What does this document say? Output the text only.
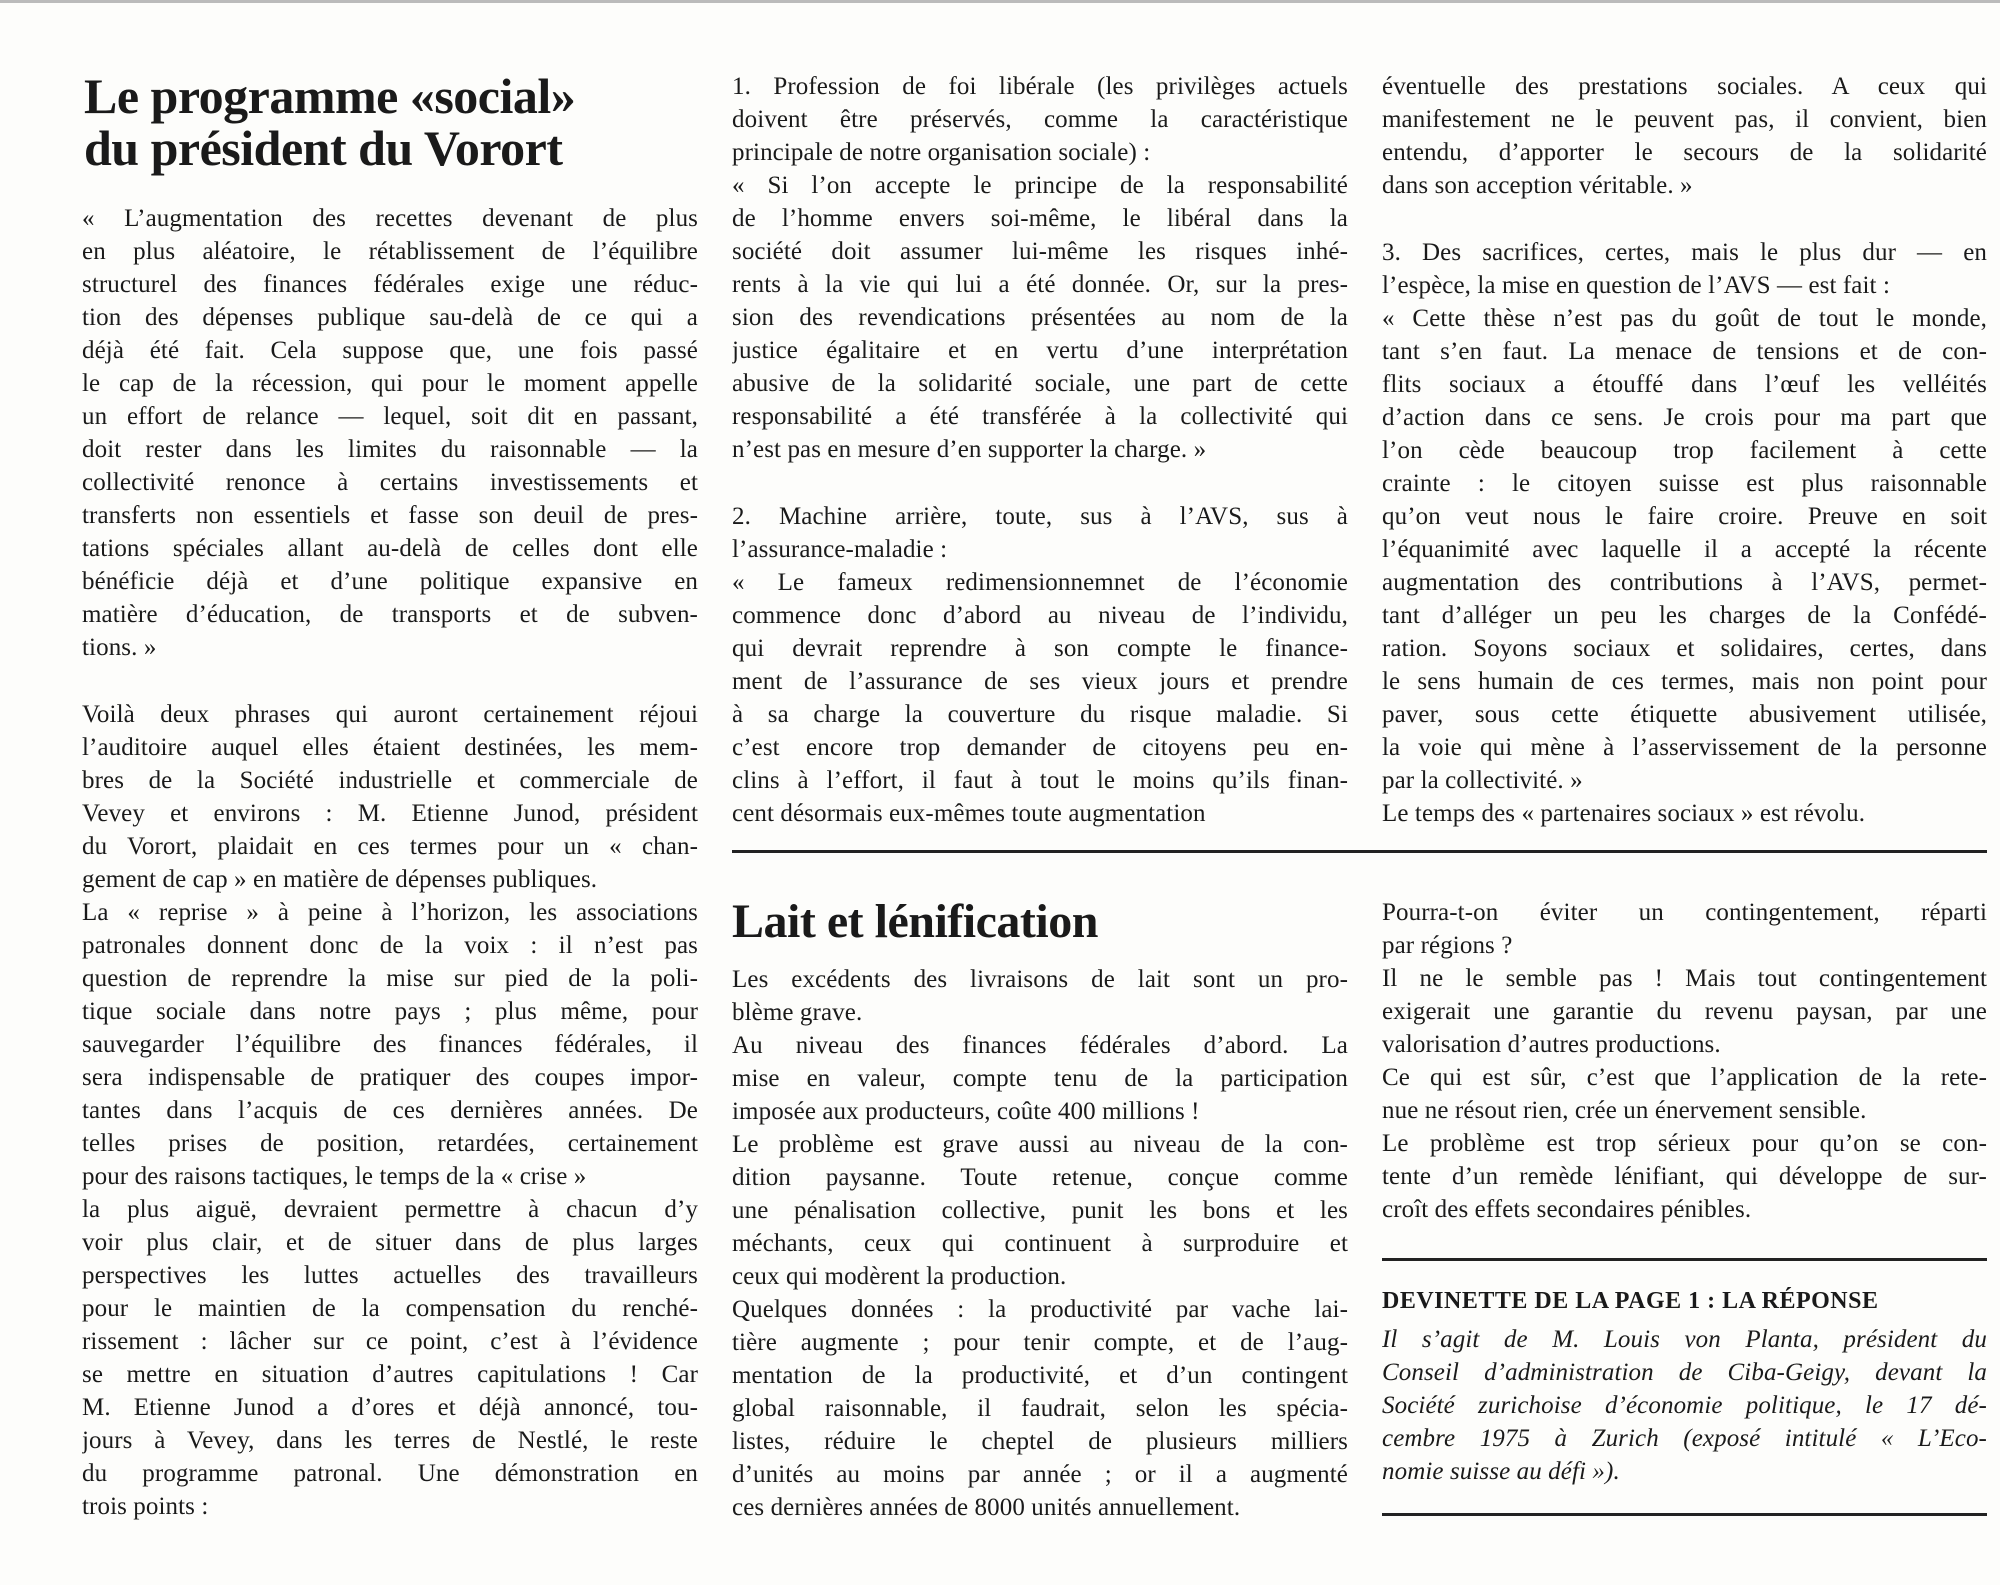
Le programme «social»
du président du Vorort
« L’augmentation des recettes devenant de plus
en plus aléatoire, le rétablissement de l’équilibre
structurel des finances fédérales exige une réduc-
tion des dépenses publique sau-delà de ce qui a
déjà été fait. Cela suppose que, une fois passé
le cap de la récession, qui pour le moment appelle
un effort de relance — lequel, soit dit en passant,
doit rester dans les limites du raisonnable — la
collectivité renonce à certains investissements et
transferts non essentiels et fasse son deuil de pres-
tations spéciales allant au-delà de celles dont elle
bénéficie déjà et d’une politique expansive en
matière d’éducation, de transports et de subven-
tions. »
Voilà deux phrases qui auront certainement réjoui
l’auditoire auquel elles étaient destinées, les mem-
bres de la Société industrielle et commerciale de
Vevey et environs : M. Etienne Junod, président
du Vorort, plaidait en ces termes pour un « chan-
gement de cap » en matière de dépenses publiques.
La « reprise » à peine à l’horizon, les associations
patronales donnent donc de la voix : il n’est pas
question de reprendre la mise sur pied de la poli-
tique sociale dans notre pays ; plus même, pour
sauvegarder l’équilibre des finances fédérales, il
sera indispensable de pratiquer des coupes impor-
tantes dans l’acquis de ces dernières années. De
telles prises de position, retardées, certainement
pour des raisons tactiques, le temps de la « crise »
la plus aiguë, devraient permettre à chacun d’y
voir plus clair, et de situer dans de plus larges
perspectives les luttes actuelles des travailleurs
pour le maintien de la compensation du renché-
rissement : lâcher sur ce point, c’est à l’évidence
se mettre en situation d’autres capitulations ! Car
M. Etienne Junod a d’ores et déjà annoncé, tou-
jours à Vevey, dans les terres de Nestlé, le reste
du programme patronal. Une démonstration en
trois points :
1. Profession de foi libérale (les privilèges actuels
doivent être préservés, comme la caractéristique
principale de notre organisation sociale) :
« Si l’on accepte le principe de la responsabilité
de l’homme envers soi-même, le libéral dans la
société doit assumer lui-même les risques inhé-
rents à la vie qui lui a été donnée. Or, sur la pres-
sion des revendications présentées au nom de la
justice égalitaire et en vertu d’une interprétation
abusive de la solidarité sociale, une part de cette
responsabilité a été transférée à la collectivité qui
n’est pas en mesure d’en supporter la charge. »
2. Machine arrière, toute, sus à l’AVS, sus à
l’assurance-maladie :
« Le fameux redimensionnemnet de l’économie
commence donc d’abord au niveau de l’individu,
qui devrait reprendre à son compte le finance-
ment de l’assurance de ses vieux jours et prendre
à sa charge la couverture du risque maladie. Si
c’est encore trop demander de citoyens peu en-
clins à l’effort, il faut à tout le moins qu’ils finan-
cent désormais eux-mêmes toute augmentation
éventuelle des prestations sociales. A ceux qui
manifestement ne le peuvent pas, il convient, bien
entendu, d’apporter le secours de la solidarité
dans son acception véritable. »
3. Des sacrifices, certes, mais le plus dur — en
l’espèce, la mise en question de l’AVS — est fait :
« Cette thèse n’est pas du goût de tout le monde,
tant s’en faut. La menace de tensions et de con-
flits sociaux a étouffé dans l’œuf les velléités
d’action dans ce sens. Je crois pour ma part que
l’on cède beaucoup trop facilement à cette
crainte : le citoyen suisse est plus raisonnable
qu’on veut nous le faire croire. Preuve en soit
l’équanimité avec laquelle il a accepté la récente
augmentation des contributions à l’AVS, permet-
tant d’alléger un peu les charges de la Confédé-
ration. Soyons sociaux et solidaires, certes, dans
le sens humain de ces termes, mais non point pour
paver, sous cette étiquette abusivement utilisée,
la voie qui mène à l’asservissement de la personne
par la collectivité. »
Le temps des « partenaires sociaux » est révolu.
Lait et lénification
Les excédents des livraisons de lait sont un pro-
blème grave.
Au niveau des finances fédérales d’abord. La
mise en valeur, compte tenu de la participation
imposée aux producteurs, coûte 400 millions !
Le problème est grave aussi au niveau de la con-
dition paysanne. Toute retenue, conçue comme
une pénalisation collective, punit les bons et les
méchants, ceux qui continuent à surproduire et
ceux qui modèrent la production.
Quelques données : la productivité par vache lai-
tière augmente ; pour tenir compte, et de l’aug-
mentation de la productivité, et d’un contingent
global raisonnable, il faudrait, selon les spécia-
listes, réduire le cheptel de plusieurs milliers
d’unités au moins par année ; or il a augmenté
ces dernières années de 8000 unités annuellement.
Pourra-t-on éviter un contingentement, réparti
par régions ?
Il ne le semble pas ! Mais tout contingentement
exigerait une garantie du revenu paysan, par une
valorisation d’autres productions.
Ce qui est sûr, c’est que l’application de la rete-
nue ne résout rien, crée un énervement sensible.
Le problème est trop sérieux pour qu’on se con-
tente d’un remède lénifiant, qui développe de sur-
croît des effets secondaires pénibles.
DEVINETTE DE LA PAGE 1 : LA RÉPONSE
Il s’agit de M. Louis von Planta, président du
Conseil d’administration de Ciba-Geigy, devant la
Société zurichoise d’économie politique, le 17 dé-
cembre 1975 à Zurich (exposé intitulé « L’Eco-
nomie suisse au défi »).
